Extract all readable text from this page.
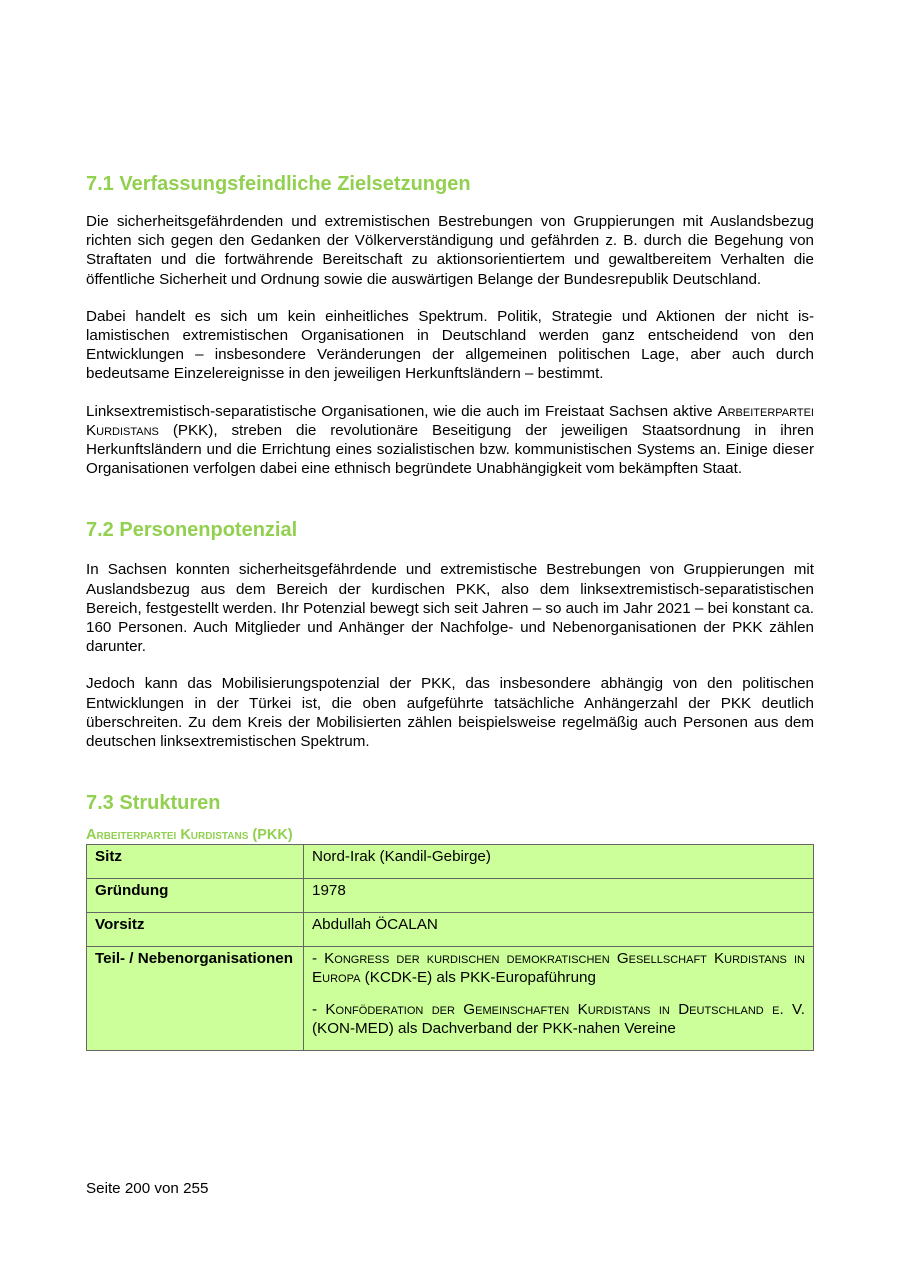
7.1 Verfassungsfeindliche Zielsetzungen

Die sicherheitsgefährdenden und extremistischen Bestrebungen von Gruppierungen mit Auslandsbezug richten sich gegen den Gedanken der Völkerverständigung und gefährden z. B. durch die Begehung von Straftaten und die fortwährende Bereitschaft zu aktionsorientiertem und gewaltbereitem Verhalten die öffentliche Sicherheit und Ordnung sowie die auswärtigen Belange der Bundesrepublik Deutschland.

Dabei handelt es sich um kein einheitliches Spektrum. Politik, Strategie und Aktionen der nicht islamistischen extremistischen Organisationen in Deutschland werden ganz entscheidend von den Entwicklungen – insbesondere Veränderungen der allgemeinen politischen Lage, aber auch durch bedeutsame Einzelereignisse in den jeweiligen Herkunftsländern – bestimmt.

Linksextremistisch-separatistische Organisationen, wie die auch im Freistaat Sachsen aktive Arbeiterpartei Kurdistans (PKK), streben die revolutionäre Beseitigung der jeweiligen Staatsordnung in ihren Herkunftsländern und die Errichtung eines sozialistischen bzw. kommunistischen Systems an. Einige dieser Organisationen verfolgen dabei eine ethnisch begründete Unabhängigkeit vom bekämpften Staat.

7.2 Personenpotenzial

In Sachsen konnten sicherheitsgefährdende und extremistische Bestrebungen von Gruppierungen mit Auslandsbezug aus dem Bereich der kurdischen PKK, also dem linksextremistisch-separatistischen Bereich, festgestellt werden. Ihr Potenzial bewegt sich seit Jahren – so auch im Jahr 2021 – bei konstant ca. 160 Personen. Auch Mitglieder und Anhänger der Nachfolge- und Nebenorganisationen der PKK zählen darunter.

Jedoch kann das Mobilisierungspotenzial der PKK, das insbesondere abhängig von den politischen Entwicklungen in der Türkei ist, die oben aufgeführte tatsächliche Anhängerzahl der PKK deutlich überschreiten. Zu dem Kreis der Mobilisierten zählen beispielsweise regelmäßig auch Personen aus dem deutschen linksextremistischen Spektrum.

7.3 Strukturen
Arbeiterpartei Kurdistans (PKK)
Sitz	Nord-Irak (Kandil-Gebirge)
Gründung	1978
Vorsitz	Abdullah ÖCALAN
Teil- / Nebenorganisationen	- Kongress der kurdischen demokratischen Gesellschaft Kurdistans in Europa (KCDK-E) als PKK-Europaführung

- Konföderation der Gemeinschaften Kurdistans in Deutschland e. V. (KON-MED) als Dachverband der PKK-nahen Vereine

Seite 200 von 255
